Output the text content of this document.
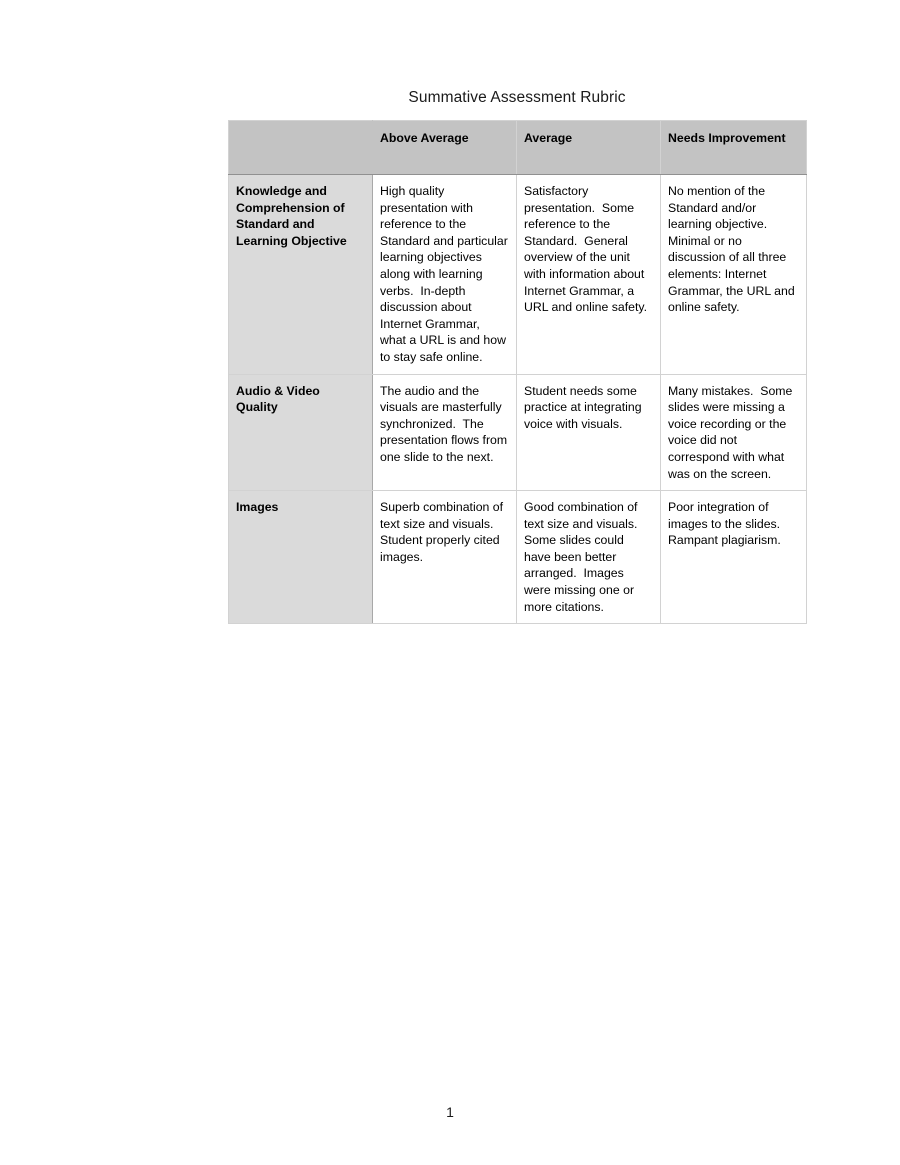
Summative Assessment Rubric
	Above Average	Average	Needs Improvement
Knowledge and Comprehension of Standard and Learning Objective	High quality presentation with reference to the Standard and particular learning objectives along with learning verbs.  In-depth discussion about Internet Grammar, what a URL is and how to stay safe online.	Satisfactory presentation.  Some reference to the Standard.  General overview of the unit with information about Internet Grammar, a URL and online safety.	No mention of the Standard and/or learning objective.  Minimal or no discussion of all three elements: Internet Grammar, the URL and online safety.
Audio & Video Quality	The audio and the visuals are masterfully synchronized.  The presentation flows from one slide to the next.	Student needs some practice at integrating voice with visuals.	Many mistakes.  Some slides were missing a voice recording or the voice did not correspond with what was on the screen.
Images	Superb combination of text size and visuals.  Student properly cited images.	Good combination of text size and visuals.  Some slides could have been better arranged.  Images were missing one or more citations.	Poor integration of images to the slides.  Rampant plagiarism.
1
